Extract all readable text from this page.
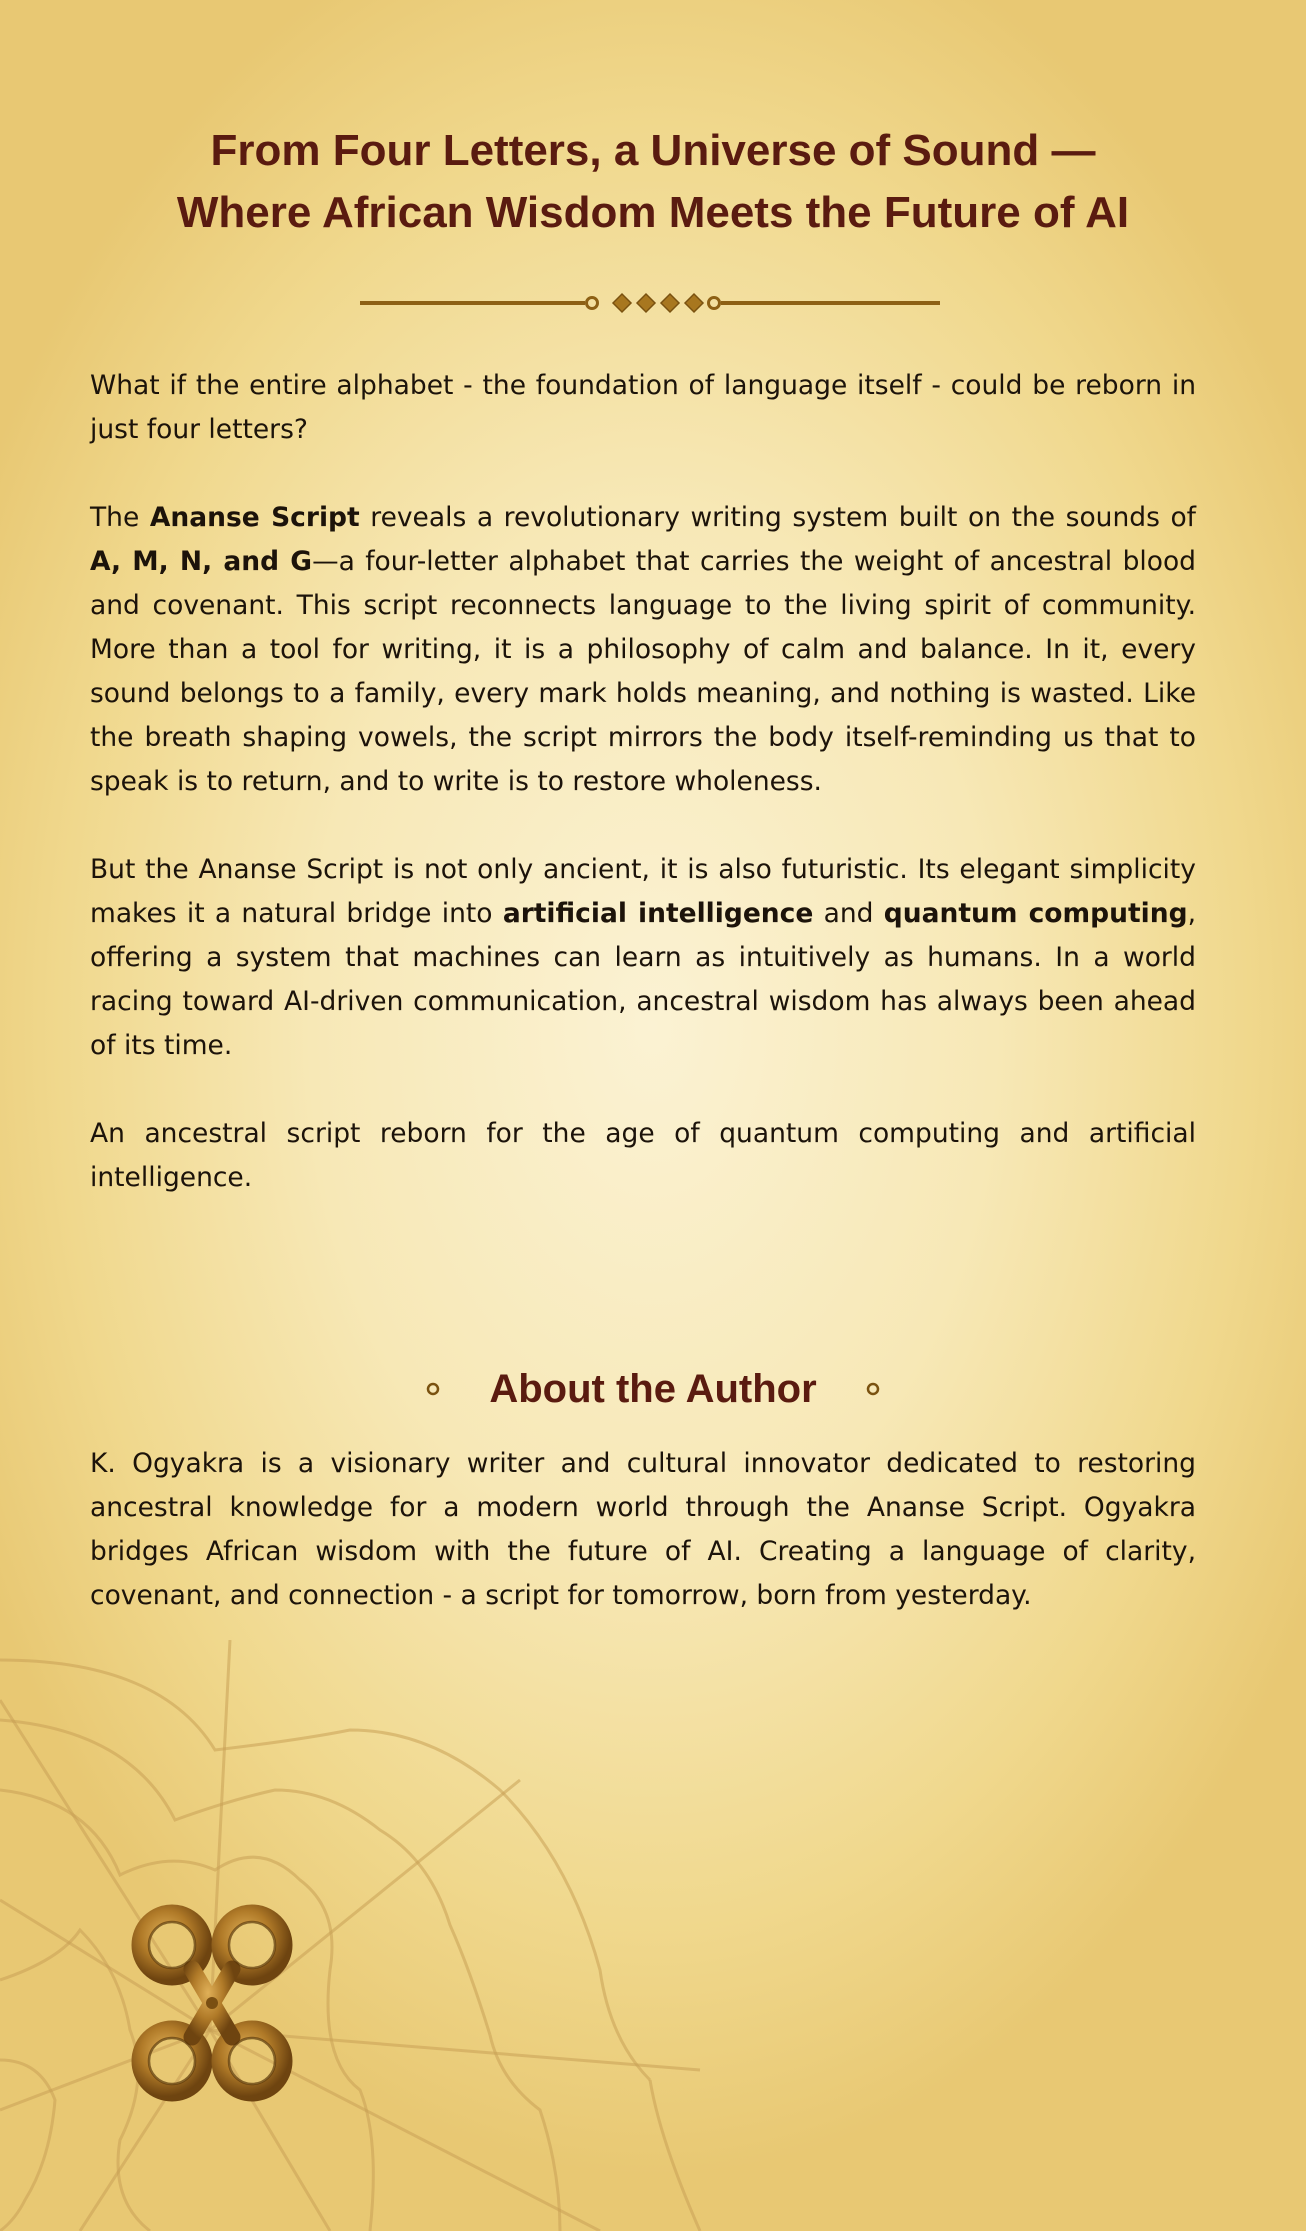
From Four Letters, a Universe of Sound —
Where African Wisdom Meets the Future of AI

What if the entire alphabet - the foundation of language itself - could be reborn in just four letters?

The Ananse Script reveals a revolutionary writing system built on the sounds of A, M, N, and G—a four-letter alphabet that carries the weight of ancestral blood and covenant. This script reconnects language to the living spirit of community. More than a tool for writing, it is a philosophy of calm and balance. In it, every sound belongs to a family, every mark holds meaning, and nothing is wasted. Like the breath shaping vowels, the script mirrors the body itself-reminding us that to speak is to return, and to write is to restore wholeness.

But the Ananse Script is not only ancient, it is also futuristic. Its elegant simplicity makes it a natural bridge into artificial intelligence and quantum computing, offering a system that machines can learn as intuitively as humans. In a world racing toward AI-driven communication, ancestral wisdom has always been ahead of its time.

An ancestral script reborn for the age of quantum computing and artificial intelligence.

About the Author

K. Ogyakra is a visionary writer and cultural innovator dedicated to restoring ancestral knowledge for a modern world through the Ananse Script. Ogyakra bridges African wisdom with the future of AI. Creating a language of clarity, covenant, and connection - a script for tomorrow, born from yesterday.
